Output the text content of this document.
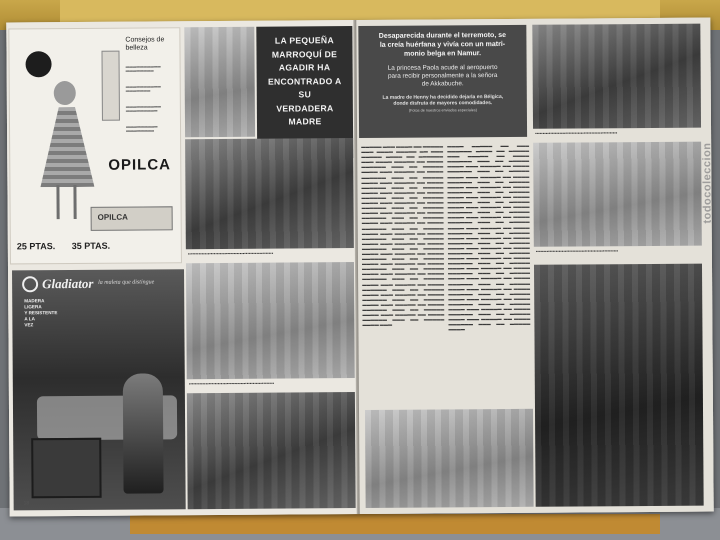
Consejos de belleza
▬▬▬▬▬▬▬▬▬▬
▬▬▬▬▬▬▬▬
▬▬▬▬▬▬▬▬▬▬
▬▬▬▬▬▬▬
▬▬▬▬▬▬▬▬▬▬
▬▬▬▬▬▬▬▬▬
▬▬▬▬▬▬▬▬▬
▬▬▬▬▬▬▬▬
OPILCA
OPILCA
25 PTAS. 35 PTAS.
Gladiator la maleta que distingue
MADERA
LIGERA
Y RESISTENTE
A LA
VEZ
18
LA PEQUEÑA
MARROQUÍ DE
AGADIR HA
ENCONTRADO A SU
VERDADERA
MADRE
▪▪▪▪▪▪▪▪▪▪▪▪▪▪▪▪▪▪▪▪▪▪▪▪▪▪▪▪▪▪▪▪▪▪▪▪▪▪▪▪▪▪▪▪▪▪▪▪▪▪▪▪▪▪▪▪
▪▪▪▪▪▪▪▪▪▪▪▪▪▪▪▪▪▪▪▪▪▪▪▪▪▪▪▪▪▪▪▪▪▪▪▪▪▪▪▪▪▪▪▪▪▪▪▪▪▪▪▪▪▪▪▪
Desaparecida durante el terremoto, se
la creía huérfana y vivía con un matri-
monio belga en Namur.
La princesa Paola acude al aeropuerto
para recibir personalmente a la señora
de Akkabuche.
La madre de Henny ha decidido dejarla en Bélgica,
donde disfruta de mayores comodidades.
(Fotos de nuestros enviados especiales)
▬▬▬▬▬ ▬▬▬ ▬▬▬▬ ▬▬ ▬▬▬▬▬ ▬▬▬ ▬▬▬▬ ▬▬▬▬▬ ▬▬ ▬▬▬ ▬▬▬▬▬ ▬▬▬▬ ▬▬ ▬▬▬▬▬▬ ▬▬▬ ▬▬▬▬ ▬▬▬▬▬ ▬▬ ▬▬▬▬ ▬▬▬▬▬▬ ▬▬▬ ▬▬ ▬▬▬▬▬ ▬▬▬▬ ▬▬▬ ▬▬▬▬▬ ▬▬ ▬▬▬▬ ▬▬▬▬▬▬ ▬▬▬ ▬▬ ▬▬▬▬▬ ▬▬▬▬ ▬▬▬ ▬▬▬▬▬ ▬▬ ▬▬▬▬ ▬▬▬▬▬▬ ▬▬▬ ▬▬ ▬▬▬▬▬ ▬▬▬▬ ▬▬▬ ▬▬▬▬▬ ▬▬ ▬▬▬▬ ▬▬▬▬▬▬ ▬▬▬ ▬▬ ▬▬▬▬▬ ▬▬▬▬ ▬▬▬ ▬▬▬▬▬ ▬▬ ▬▬▬▬ ▬▬▬▬▬▬ ▬▬▬ ▬▬ ▬▬▬▬▬ ▬▬▬▬ ▬▬▬ ▬▬▬▬▬ ▬▬ ▬▬▬▬ ▬▬▬▬▬▬ ▬▬▬ ▬▬ ▬▬▬▬▬ ▬▬▬▬ ▬▬▬ ▬▬▬▬▬ ▬▬ ▬▬▬▬ ▬▬▬▬▬▬ ▬▬▬ ▬▬ ▬▬▬▬▬ ▬▬▬▬ ▬▬▬ ▬▬▬▬▬ ▬▬ ▬▬▬▬ ▬▬▬▬▬▬ ▬▬▬ ▬▬ ▬▬▬▬▬ ▬▬▬▬ ▬▬▬ ▬▬▬▬▬ ▬▬ ▬▬▬▬ ▬▬▬▬▬▬ ▬▬▬ ▬▬ ▬▬▬▬▬ ▬▬▬▬ ▬▬▬ ▬▬▬▬▬ ▬▬ ▬▬▬▬ ▬▬▬▬▬▬ ▬▬▬ ▬▬ ▬▬▬▬▬ ▬▬▬▬ ▬▬▬ ▬▬▬▬▬ ▬▬ ▬▬▬▬ ▬▬▬▬▬▬ ▬▬▬ ▬▬ ▬▬▬▬▬ ▬▬▬▬ ▬▬▬ ▬▬▬▬▬ ▬▬ ▬▬▬▬ ▬▬▬▬▬▬ ▬▬▬ ▬▬ ▬▬▬▬▬ ▬▬▬▬ ▬▬▬ ▬▬▬▬▬ ▬▬ ▬▬▬▬ ▬▬▬▬▬▬ ▬▬▬ ▬▬ ▬▬▬▬▬ ▬▬▬▬ ▬▬▬ ▬▬▬▬▬ ▬▬ ▬▬▬▬ ▬▬▬▬▬▬ ▬▬▬ ▬▬ ▬▬▬▬▬ ▬▬▬▬ ▬▬▬ ▬▬▬▬▬ ▬▬ ▬▬▬▬ ▬▬▬▬▬▬ ▬▬▬ ▬▬ ▬▬▬▬▬ ▬▬▬▬ ▬▬▬ ▬▬▬▬▬ ▬▬ ▬▬▬▬ ▬▬▬▬▬▬ ▬▬▬ ▬▬ ▬▬▬▬▬ ▬▬▬▬ ▬▬▬
▬▬▬▬ ▬▬▬▬▬ ▬▬ ▬▬▬ ▬▬▬▬▬▬ ▬▬▬▬ ▬▬ ▬▬▬▬▬ ▬▬▬ ▬▬▬▬▬ ▬▬ ▬▬▬▬ ▬▬▬▬▬▬ ▬▬▬ ▬▬ ▬▬▬▬▬ ▬▬▬▬ ▬▬▬ ▬▬▬▬▬ ▬▬ ▬▬▬▬ ▬▬▬▬▬▬ ▬▬▬ ▬▬ ▬▬▬▬▬ ▬▬▬▬ ▬▬▬ ▬▬▬▬▬ ▬▬ ▬▬▬▬ ▬▬▬▬▬▬ ▬▬▬ ▬▬ ▬▬▬▬▬ ▬▬▬▬ ▬▬▬ ▬▬▬▬▬ ▬▬ ▬▬▬▬ ▬▬▬▬▬▬ ▬▬▬ ▬▬ ▬▬▬▬▬ ▬▬▬▬ ▬▬▬ ▬▬▬▬▬ ▬▬ ▬▬▬▬ ▬▬▬▬▬▬ ▬▬▬ ▬▬ ▬▬▬▬▬ ▬▬▬▬ ▬▬▬ ▬▬▬▬▬ ▬▬ ▬▬▬▬ ▬▬▬▬▬▬ ▬▬▬ ▬▬ ▬▬▬▬▬ ▬▬▬▬ ▬▬▬ ▬▬▬▬▬ ▬▬ ▬▬▬▬ ▬▬▬▬▬▬ ▬▬▬ ▬▬ ▬▬▬▬▬ ▬▬▬▬ ▬▬▬ ▬▬▬▬▬ ▬▬ ▬▬▬▬ ▬▬▬▬▬▬ ▬▬▬ ▬▬ ▬▬▬▬▬ ▬▬▬▬ ▬▬▬ ▬▬▬▬▬ ▬▬ ▬▬▬▬ ▬▬▬▬▬▬ ▬▬▬ ▬▬ ▬▬▬▬▬ ▬▬▬▬ ▬▬▬ ▬▬▬▬▬ ▬▬ ▬▬▬▬ ▬▬▬▬▬▬ ▬▬▬ ▬▬ ▬▬▬▬▬ ▬▬▬▬ ▬▬▬ ▬▬▬▬▬ ▬▬ ▬▬▬▬ ▬▬▬▬▬▬ ▬▬▬ ▬▬ ▬▬▬▬▬ ▬▬▬▬ ▬▬▬ ▬▬▬▬▬ ▬▬ ▬▬▬▬ ▬▬▬▬▬▬ ▬▬▬ ▬▬ ▬▬▬▬▬ ▬▬▬▬ ▬▬▬ ▬▬▬▬▬ ▬▬ ▬▬▬▬ ▬▬▬▬▬▬ ▬▬▬ ▬▬ ▬▬▬▬▬ ▬▬▬▬ ▬▬▬ ▬▬▬▬▬ ▬▬ ▬▬▬▬ ▬▬▬▬▬▬ ▬▬▬ ▬▬ ▬▬▬▬▬ ▬▬▬▬ ▬▬▬ ▬▬▬▬▬ ▬▬ ▬▬▬▬ ▬▬▬▬▬▬ ▬▬▬ ▬▬ ▬▬▬▬▬ ▬▬▬▬ ▬▬▬ ▬▬▬▬▬ ▬▬ ▬▬▬▬ ▬▬▬▬▬▬ ▬▬▬ ▬▬ ▬▬▬▬▬ ▬▬▬▬ ▬▬▬ ▬▬▬▬▬ ▬▬ ▬▬▬▬ ▬▬▬▬▬▬ ▬▬▬ ▬▬ ▬▬▬▬▬ ▬▬▬▬
▪▪▪▪▪▪▪▪▪▪▪▪▪▪▪▪▪▪▪▪▪▪▪▪▪▪▪▪▪▪▪▪▪▪▪▪▪▪▪▪▪▪▪▪▪▪▪▪▪▪▪▪▪▪
▪▪▪▪▪▪▪▪▪▪▪▪▪▪▪▪▪▪▪▪▪▪▪▪▪▪▪▪▪▪▪▪▪▪▪▪▪▪▪▪▪▪▪▪▪▪▪▪▪▪▪▪▪▪
todocoleccion
